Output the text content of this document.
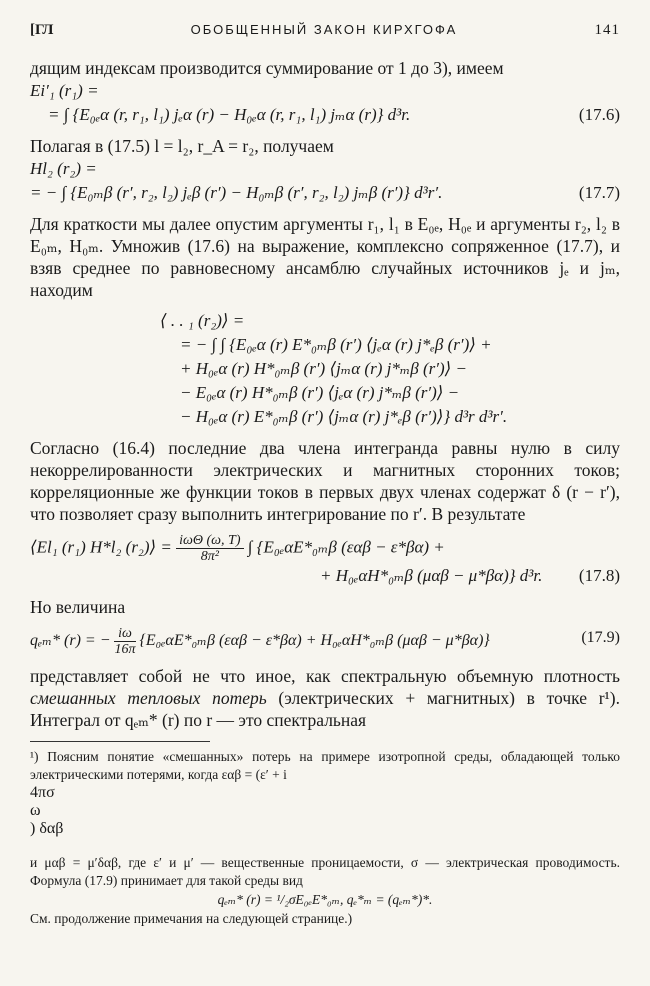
[ГЛ	ОБОБЩЕННЫЙ ЗАКОН КИРХГОФА	141

дящим индексам производится суммирование от 1 до 3), имеем

Ei′₁ (r₁) =
= ∫ {E₀ₑα (r, r₁, l₁) jₑα (r) − H₀ₑα (r, r₁, l₁) jₘα (r)} d³r.	(17.6)

Полагая в (17.5) l = l₂, r_A = r₂, получаем

Hl₂ (r₂) =
= − ∫ {E₀ₘβ (r′, r₂, l₂) jₑβ (r′) − H₀ₘβ (r′, r₂, l₂) jₘβ (r′)} d³r′.	(17.7)

Для краткости мы далее опустим аргументы r₁, l₁ в E₀ₑ, H₀ₑ и аргументы r₂, l₂ в E₀ₘ, H₀ₘ. Умножив (17.6) на выражение, комплексно сопряженное (17.7), и взяв среднее по равновесному ансамблю случайных источников jₑ и jₘ, находим

⟨ . . ₁ (r₂)⟩ =
= − ∫ ∫ {E₀ₑα (r) E*₀ₘβ (r′) ⟨jₑα (r) j*ₑβ (r′)⟩ +
+ H₀ₑα (r) H*₀ₘβ (r′) ⟨jₘα (r) j*ₘβ (r′)⟩ −
− E₀ₑα (r) H*₀ₘβ (r′) ⟨jₑα (r) j*ₘβ (r′)⟩ −
− H₀ₑα (r) E*₀ₘβ (r′) ⟨jₘα (r) j*ₑβ (r′)⟩} d³r d³r′.

Согласно (16.4) последние два члена интегранда равны нулю в силу некоррелированности электрических и магнитных сторонних токов; корреляционные же функции токов в первых двух членах содержат δ (r − r′), что позволяет сразу выполнить интегрирование по r′. В результате

⟨El₁ (r₁) H*l₂ (r₂)⟩ = $\frac{\text{iωΘ (ω, T)}}{\text{8π²}}$ ∫ {E₀ₑαE*₀ₘβ (εαβ − ε*βα) +
+ H₀ₑαH*₀ₘβ (μαβ − μ*βα)} d³r. (17.8)

Но величина

qₑₘ* (r) = − $\frac{i\omega}{16\pi} \{E_{0e}\alpha E*_{0m}\beta$ (εαβ − ε*βα) + H₀ₑαH*₀ₘβ (μαβ − μ*βα)}	(17.9)

представляет собой не что иное, как спектральную объемную плотность смешанных тепловых потерь (электрических + магнитных) в точке r¹). Интеграл от qₑₘ* (r) по r — это спектральная

¹) Поясним понятие «смешанных» потерь на примере изотропной среды, обладающей только электрическими потерями, когда εαβ = (ε′ + i

4πσ
ω
) δαβ

и μαβ = μ′δαβ, где ε′ и μ′ — вещественные проницаемости, σ — электрическая проводимость. Формула (17.9) принимает для такой среды вид

qₑₘ* (r) = ¹/₂σE₀ₑE*₀ₘ, qₑ*ₘ = (qₑₘ*)*.

См. продолжение примечания на следующей странице.)
